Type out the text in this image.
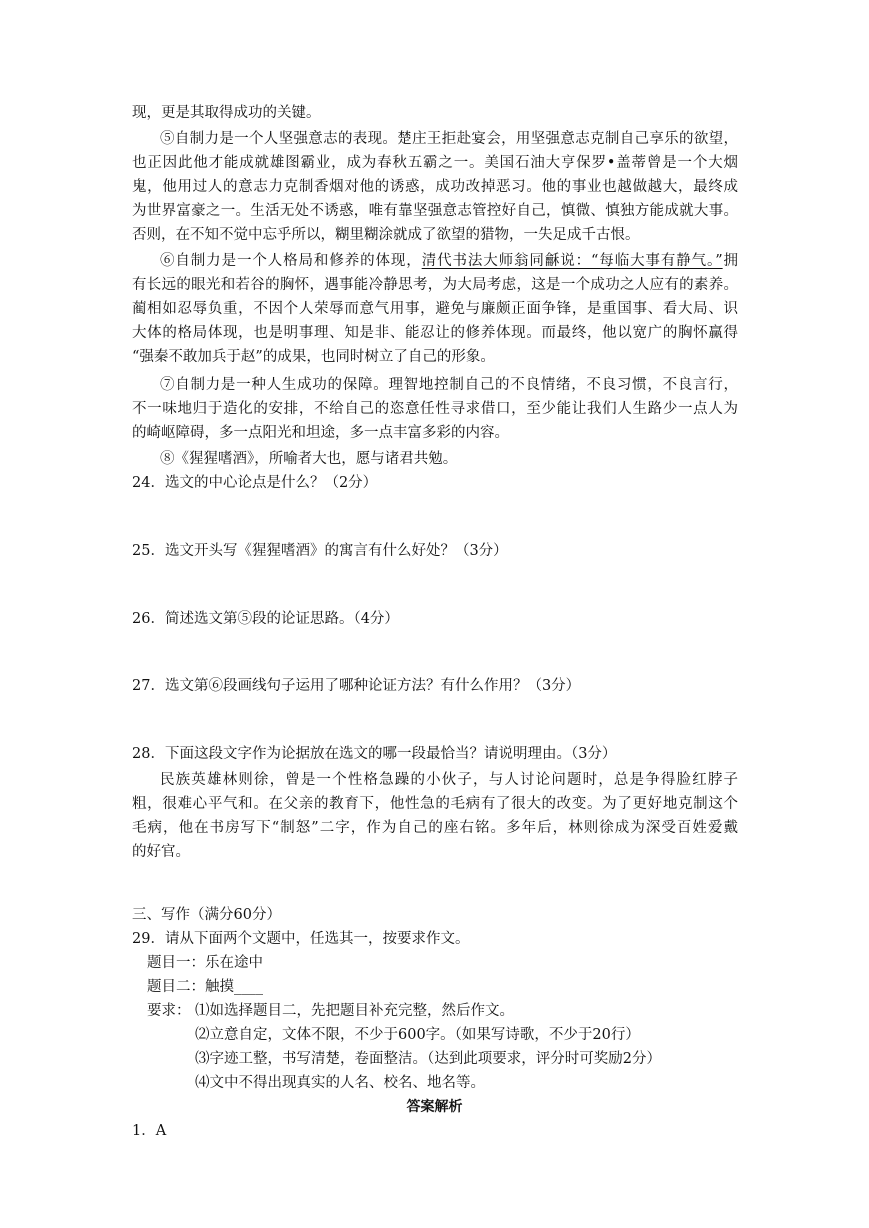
现，更是其取得成功的关键。
⑤自制力是一个人坚强意志的表现。楚庄王拒赴宴会，用坚强意志克制自己享乐的欲望，
也正因此他才能成就雄图霸业，成为春秋五霸之一。美国石油大亨保罗•盖蒂曾是一个大烟
鬼，他用过人的意志力克制香烟对他的诱惑，成功改掉恶习。他的事业也越做越大，最终成
为世界富豪之一。生活无处不诱惑，唯有靠坚强意志管控好自己，慎微、慎独方能成就大事。
否则，在不知不觉中忘乎所以，糊里糊涂就成了欲望的猎物，一失足成千古恨。
⑥自制力是一个人格局和修养的体现，清代书法大师翁同龢说：“每临大事有静气。”拥
有长远的眼光和若谷的胸怀，遇事能冷静思考，为大局考虑，这是一个成功之人应有的素养。
蔺相如忍辱负重，不因个人荣辱而意气用事，避免与廉颇正面争锋，是重国事、看大局、识
大体的格局体现，也是明事理、知是非、能忍让的修养体现。而最终，他以宽广的胸怀赢得
“强秦不敢加兵于赵”的成果，也同时树立了自己的形象。
⑦自制力是一种人生成功的保障。理智地控制自己的不良情绪，不良习惯，不良言行，
不一味地归于造化的安排，不给自己的恣意任性寻求借口，至少能让我们人生路少一点人为
的崎岖障碍，多一点阳光和坦途，多一点丰富多彩的内容。
⑧《猩猩嗜酒》，所喻者大也，愿与诸君共勉。
24．选文的中心论点是什么？（2分）
25．选文开头写《猩猩嗜酒》的寓言有什么好处？（3分）
26．简述选文第⑤段的论证思路。（4分）
27．选文第⑥段画线句子运用了哪种论证方法？有什么作用？（3分）
28．下面这段文字作为论据放在选文的哪一段最恰当？请说明理由。（3分）
民族英雄林则徐，曾是一个性格急躁的小伙子，与人讨论问题时，总是争得脸红脖子
粗，很难心平气和。在父亲的教育下，他性急的毛病有了很大的改变。为了更好地克制这个
毛病，他在书房写下“制怒”二字，作为自己的座右铭。多年后，林则徐成为深受百姓爱戴
的好官。
三、写作（满分60分）
29．请从下面两个文题中，任选其一，按要求作文。
题目一：乐在途中
题目二：触摸____
要求： ⑴如选择题目二，先把题目补充完整，然后作文。
⑵立意自定，文体不限，不少于600字。（如果写诗歌，不少于20行）
⑶字迹工整，书写清楚，卷面整洁。（达到此项要求，评分时可奖励2分）
⑷文中不得出现真实的人名、校名、地名等。
答案解析
1．A
